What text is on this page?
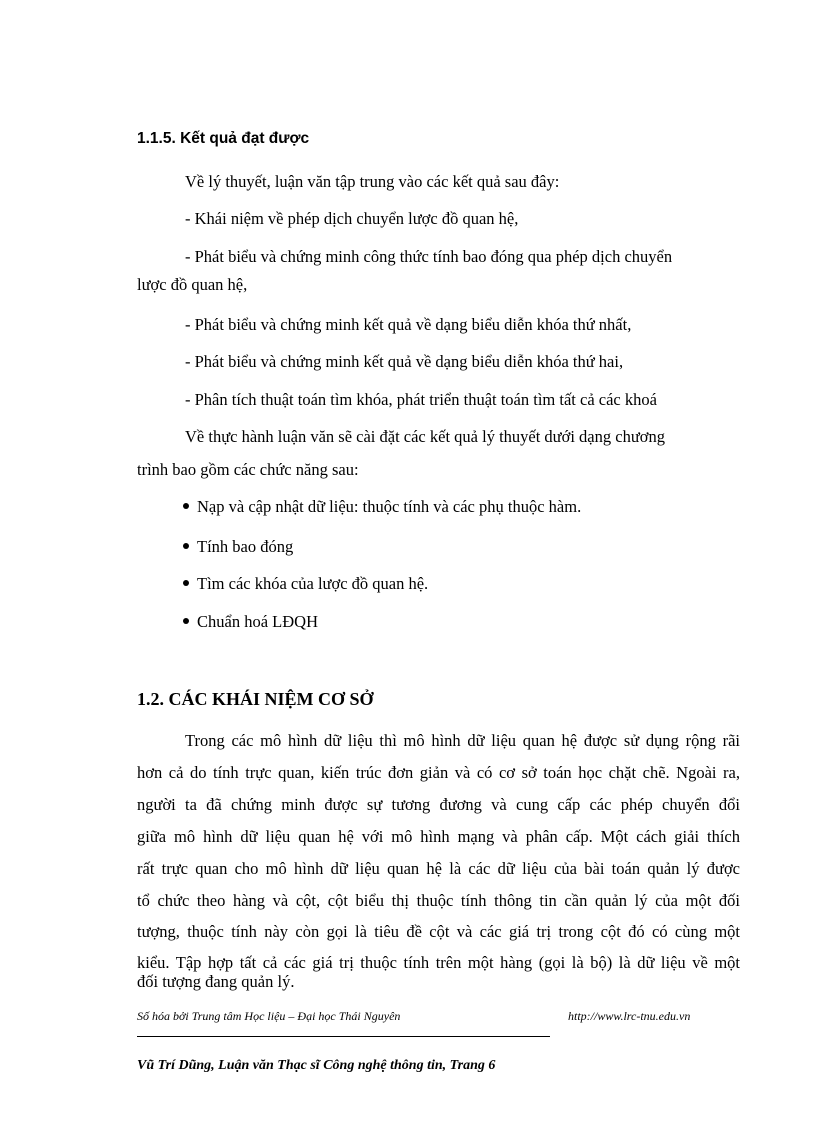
1.1.5. Kết quả đạt được
Về lý thuyết, luận văn tập trung vào các kết quả sau đây:
- Khái niệm về phép dịch chuyển lược đồ quan hệ,
- Phát biểu và chứng minh công thức tính bao đóng qua phép dịch chuyển
lược đồ quan hệ,
- Phát biểu và chứng minh kết quả về dạng biểu diễn khóa thứ nhất,
- Phát biểu và chứng minh kết quả về dạng biểu diễn khóa thứ hai,
- Phân tích thuật toán tìm khóa, phát triển thuật toán tìm tất cả các khoá
Về thực hành luận văn sẽ cài đặt các kết quả lý thuyết dưới dạng chương
trình bao gồm các chức năng sau:
Nạp và cập nhật dữ liệu: thuộc tính và các phụ thuộc hàm.
Tính bao đóng
Tìm các khóa của lược đồ quan hệ.
Chuẩn hoá LĐQH
1.2. CÁC KHÁI NIỆM CƠ SỞ
Trong các mô hình dữ liệu thì mô hình dữ liệu quan hệ được sử dụng rộng rãi
hơn cả do tính trực quan, kiến trúc đơn giản và có cơ sở toán học chặt chẽ. Ngoài ra,
người ta đã chứng minh được sự tương đương và cung cấp các phép chuyển đổi
giữa mô hình dữ liệu quan hệ với mô hình mạng và phân cấp. Một cách giải thích
rất trực quan cho mô hình dữ liệu quan hệ là các dữ liệu của bài toán quản lý được
tổ chức theo hàng và cột, cột biểu thị thuộc tính thông tin cần quản lý của một đối
tượng, thuộc tính này còn gọi là tiêu đề cột và các giá trị trong cột đó có cùng một
kiểu. Tập hợp tất cả các giá trị thuộc tính trên một hàng (gọi là bộ) là dữ liệu về một
đối tượng đang quản lý.
Số hóa bởi Trung tâm Học liệu – Đại học Thái Nguyên	http://www.lrc-tnu.edu.vn
Vũ Trí Dũng, Luận văn Thạc sĩ Công nghệ thông tin, Trang 6
